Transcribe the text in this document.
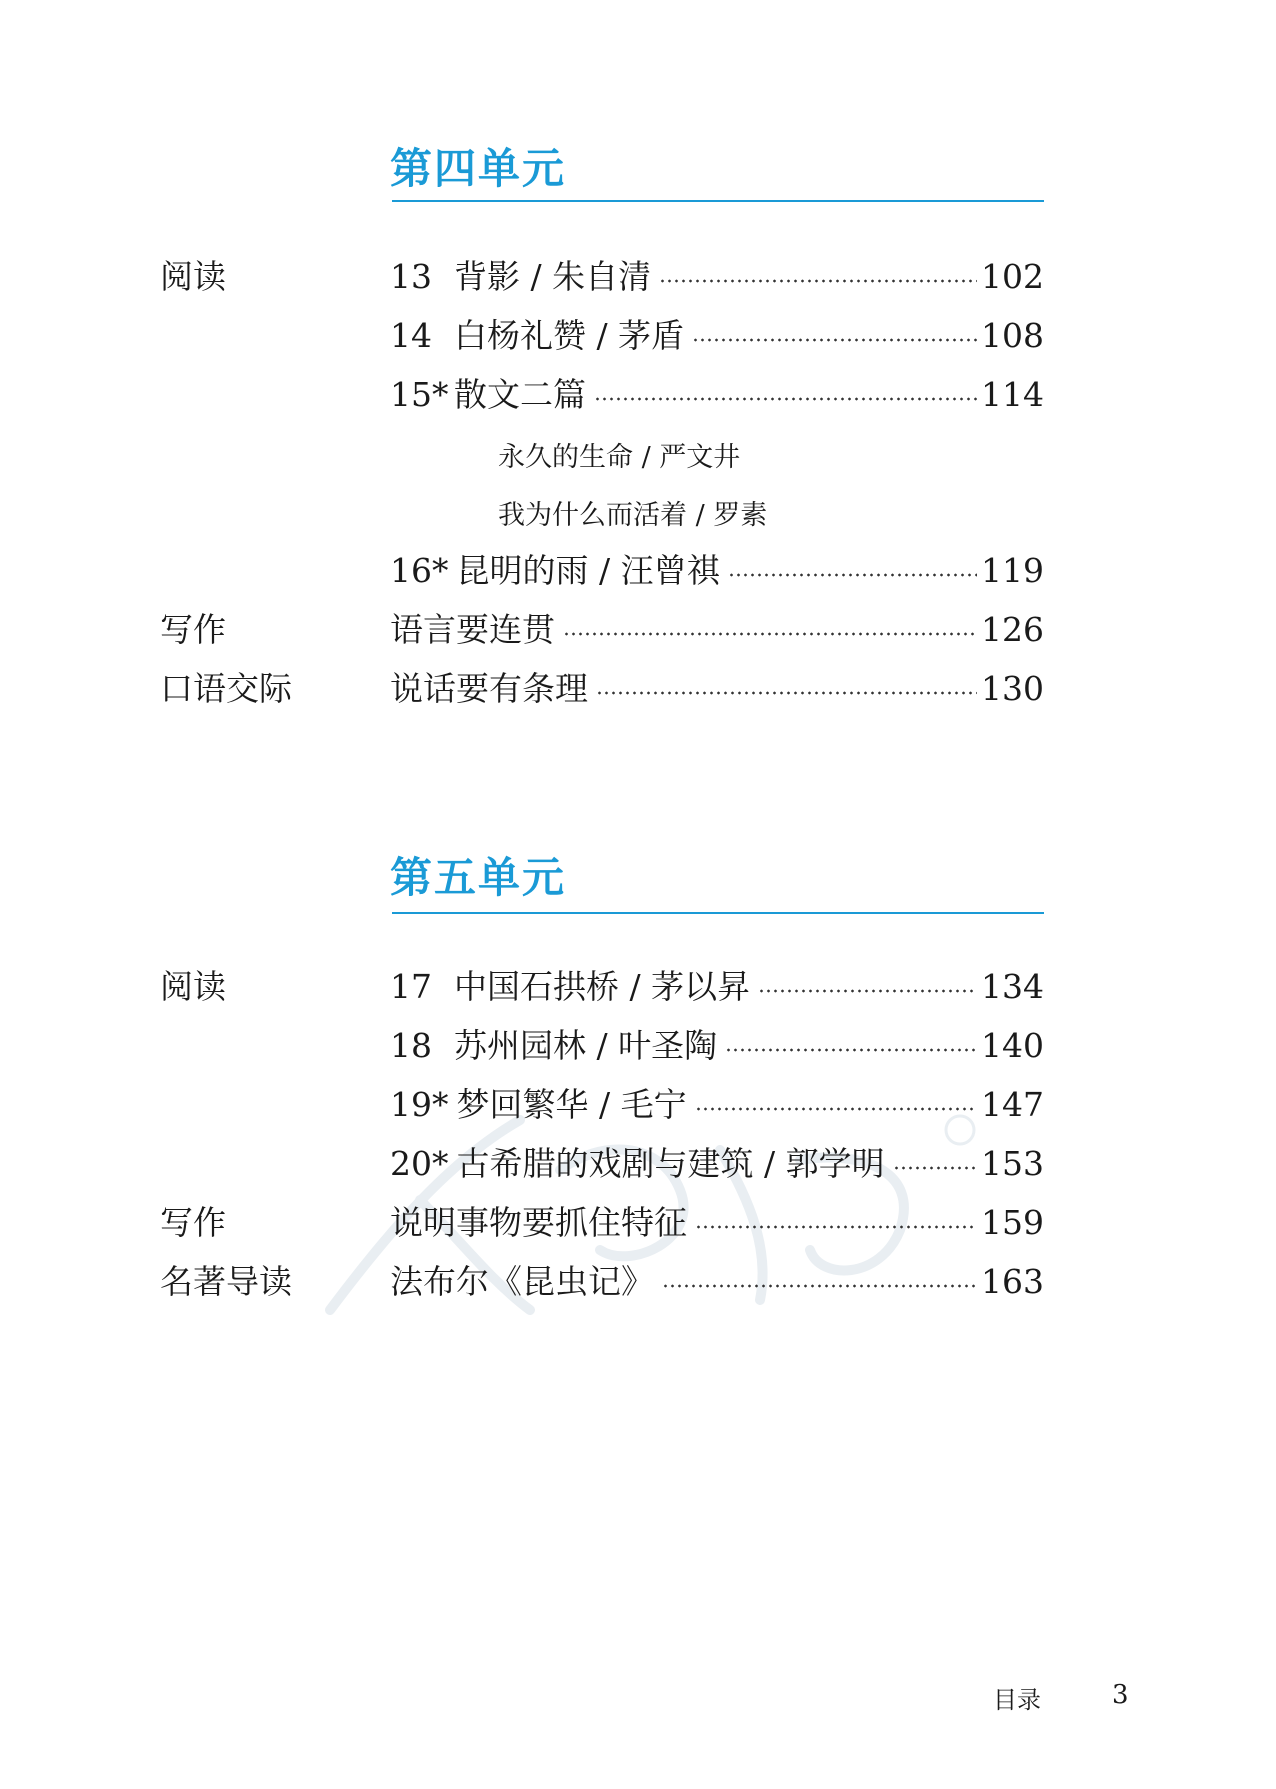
第四单元
阅读	13 背影 / 朱自清	102
14 白杨礼赞 / 茅盾	108
15* 散文二篇	114
永久的生命 / 严文井
我为什么而活着 / 罗素
16* 昆明的雨 / 汪曾祺	119
写作	语言要连贯	126
口语交际	说话要有条理	130
第五单元
阅读	17 中国石拱桥 / 茅以昇	134
18 苏州园林 / 叶圣陶	140
19* 梦回繁华 / 毛宁	147
20* 古希腊的戏剧与建筑 / 郭学明	153
写作	说明事物要抓住特征	159
名著导读	法布尔《昆虫记》	163
目录	3
